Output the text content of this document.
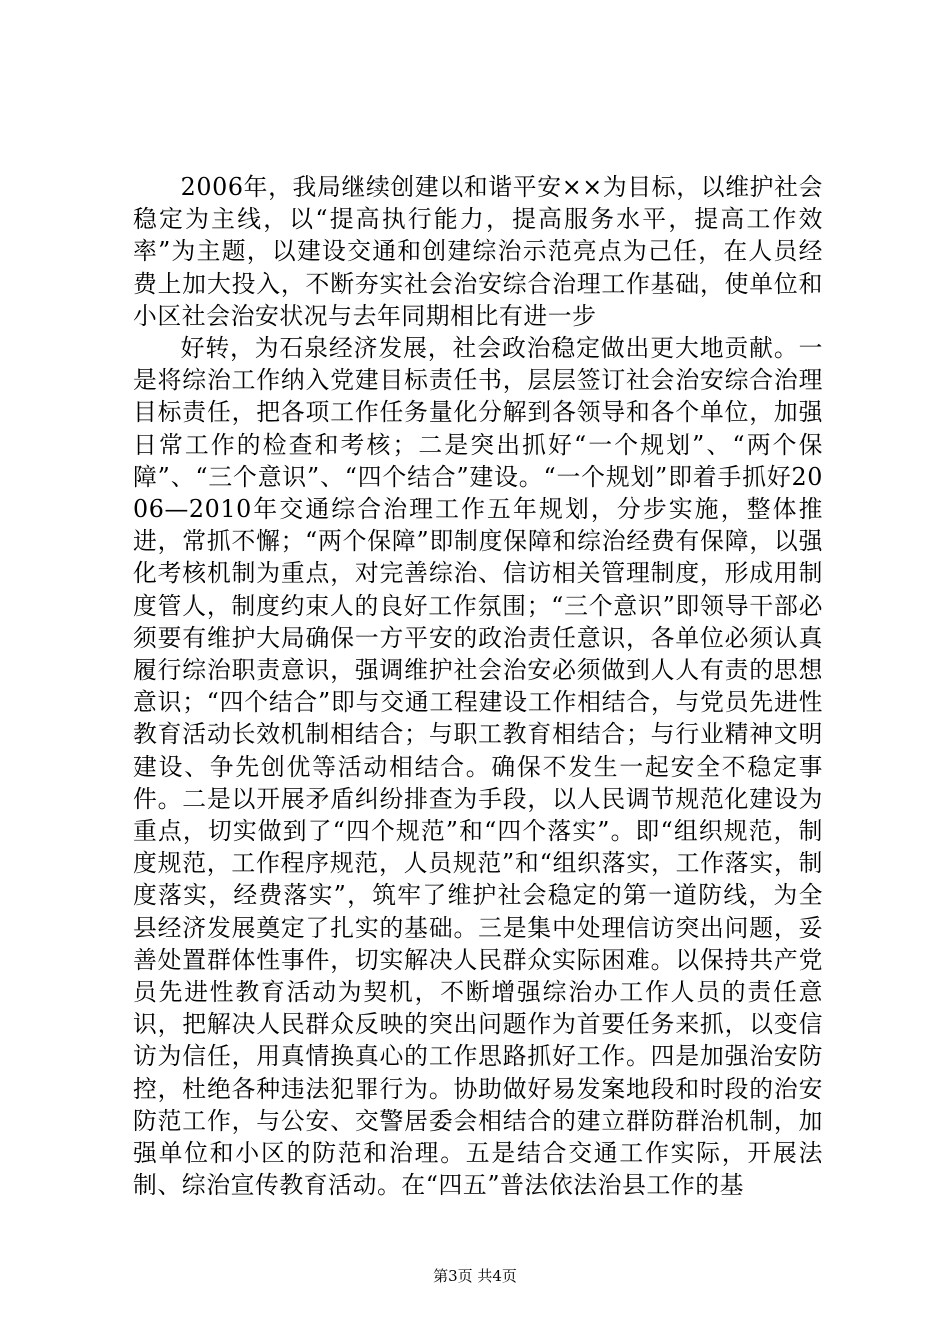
2006年，我局继续创建以和谐平安××为目标，以维护社会稳定为主线，以“提高执行能力，提高服务水平，提高工作效率”为主题，以建设交通和创建综治示范亮点为己任，在人员经费上加大投入，不断夯实社会治安综合治理工作基础，使单位和小区社会治安状况与去年同期相比有进一步

好转，为石泉经济发展，社会政治稳定做出更大地贡献。一是将综治工作纳入党建目标责任书，层层签订社会治安综合治理目标责任，把各项工作任务量化分解到各领导和各个单位，加强日常工作的检查和考核；二是突出抓好“一个规划”、“两个保障”、“三个意识”、“四个结合”建设。“一个规划”即着手抓好2006—2010年交通综合治理工作五年规划，分步实施，整体推进，常抓不懈；“两个保障”即制度保障和综治经费有保障，以强化考核机制为重点，对完善综治、信访相关管理制度，形成用制度管人，制度约束人的良好工作氛围；“三个意识”即领导干部必须要有维护大局确保一方平安的政治责任意识，各单位必须认真履行综治职责意识，强调维护社会治安必须做到人人有责的思想意识；“四个结合”即与交通工程建设工作相结合，与党员先进性教育活动长效机制相结合；与职工教育相结合；与行业精神文明建设、争先创优等活动相结合。确保不发生一起安全不稳定事件。二是以开展矛盾纠纷排查为手段，以人民调节规范化建设为重点，切实做到了“四个规范”和“四个落实”。即“组织规范，制度规范，工作程序规范，人员规范”和“组织落实，工作落实，制度落实，经费落实”，筑牢了维护社会稳定的第一道防线，为全县经济发展奠定了扎实的基础。三是集中处理信访突出问题，妥善处置群体性事件，切实解决人民群众实际困难。以保持共产党员先进性教育活动为契机，不断增强综治办工作人员的责任意识，把解决人民群众反映的突出问题作为首要任务来抓，以变信访为信任，用真情换真心的工作思路抓好工作。四是加强治安防控，杜绝各种违法犯罪行为。协助做好易发案地段和时段的治安防范工作，与公安、交警居委会相结合的建立群防群治机制，加强单位和小区的防范和治理。五是结合交通工作实际，开展法制、综治宣传教育活动。在“四五”普法依法治县工作的基

第3页 共4页
